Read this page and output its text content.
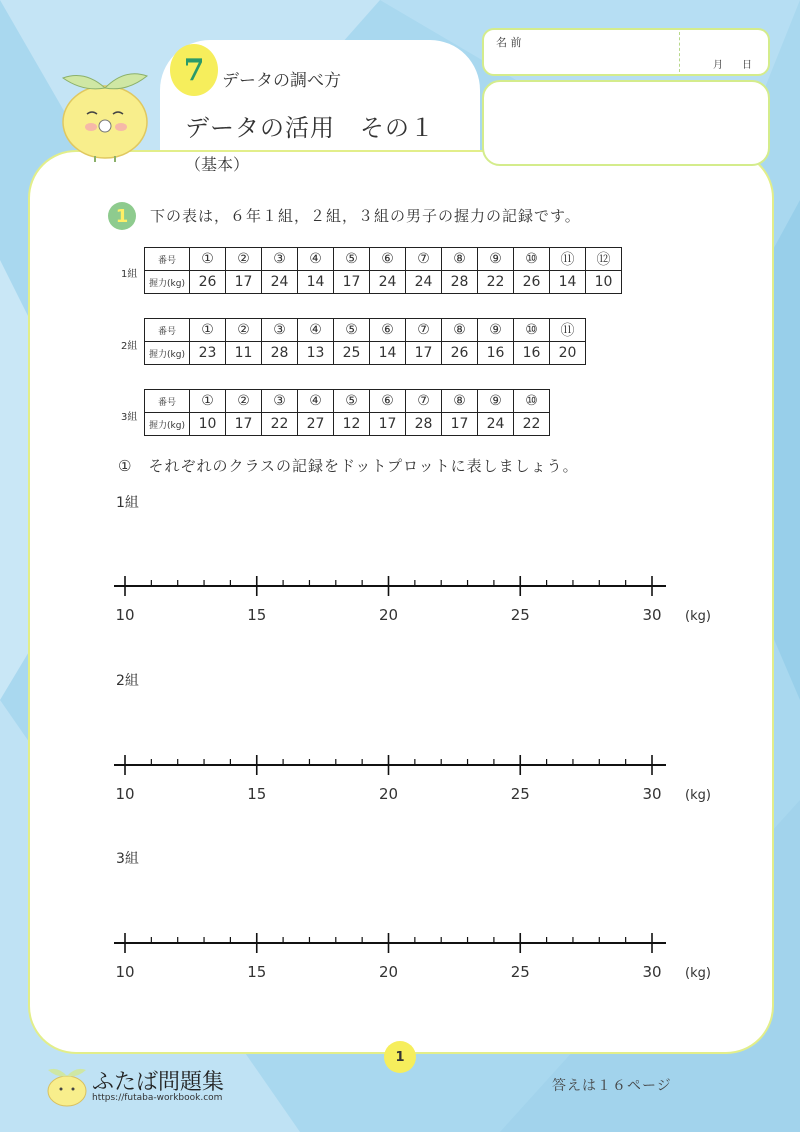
7	データの調べ方
データの活用　その１
（基本）
名 前
月 日
1	下の表は，６年１組，２組，３組の男子の握力の記録です。
1組
番号	①	②	③	④	⑤	⑥	⑦	⑧	⑨	⑩	⑪	⑫
握力(kg)	26	17	24	14	17	24	24	28	22	26	14	10
2組
番号	①	②	③	④	⑤	⑥	⑦	⑧	⑨	⑩	⑪
握力(kg)	23	11	28	13	25	14	17	26	16	16	20
3組
番号	①	②	③	④	⑤	⑥	⑦	⑧	⑨	⑩
握力(kg)	10	17	22	27	12	17	28	17	24	22
①　それぞれのクラスの記録をドットプロットに表しましょう。
1組
10	15	20	25	30 (kg)
2組
10	15	20	25	30 (kg)
3組
10	15	20	25	30 (kg)
1
ふたば問題集
https://futaba-workbook.com
答えは１６ページ
